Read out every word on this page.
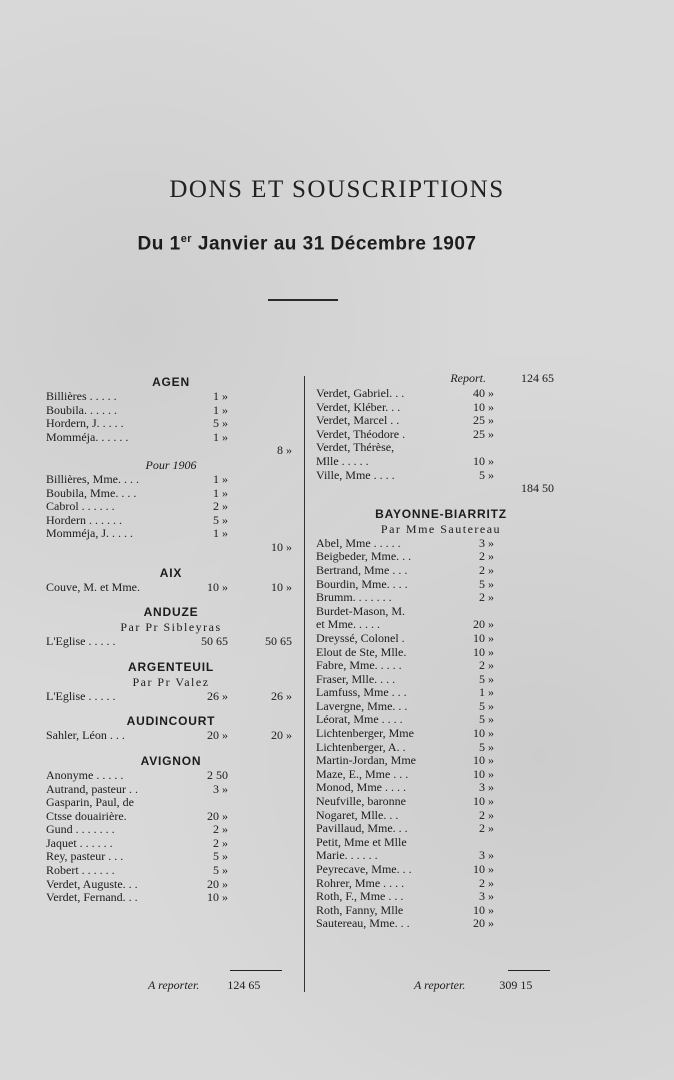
DONS ET SOUSCRIPTIONS
Du 1er Janvier au 31 Décembre 1907
AGEN
Billières . . . . .	1 »
Boubila. . . . . .	1 »
Hordern, J. . . . .	5 »
Momméja. . . . . .	1 »
8 »
Pour 1906
Billières, Mme. . . .	1 »
Boubila, Mme. . . .	1 »
Cabrol . . . . . .	2 »
Hordern . . . . . .	5 »
Momméja, J. . . . .	1 »
10 »
AIX
Couve, M. et Mme.	10 »	10 »
ANDUZE
Par Pr Sibleyras
L'Eglise . . . . .	50 65	50 65
ARGENTEUIL
Par Pr Valez
L'Eglise . . . . .	26 »	26 »
AUDINCOURT
Sahler, Léon . . .	20 »	20 »
AVIGNON
Anonyme . . . . .	2 50
Autrand, pasteur . .	3 »
Gasparin, Paul, de
Ctsse douairière.	20 »
Gund . . . . . . .	2 »
Jaquet . . . . . .	2 »
Rey, pasteur . . .	5 »
Robert . . . . . .	5 »
Verdet, Auguste. . .	20 »
Verdet, Fernand. . .	10 »
Report.	124 65
Verdet, Gabriel. . .	40 »
Verdet, Kléber. . .	10 »
Verdet, Marcel . .	25 »
Verdet, Théodore .	25 »
Verdet, Thérèse,
Mlle . . . . .	10 »
Ville, Mme . . . .	5 »
184 50
BAYONNE-BIARRITZ
Par Mme Sautereau
Abel, Mme . . . . .	3 »
Beigbeder, Mme. . .	2 »
Bertrand, Mme . . .	2 »
Bourdin, Mme. . . .	5 »
Brumm. . . . . . .	2 »
Burdet-Mason, M.
et Mme. . . . .	20 »
Dreyssé, Colonel .	10 »
Elout de Ste, Mlle.	10 »
Fabre, Mme. . . . .	2 »
Fraser, Mlle. . . .	5 »
Lamfuss, Mme . . .	1 »
Lavergne, Mme. . .	5 »
Léorat, Mme . . . .	5 »
Lichtenberger, Mme	10 »
Lichtenberger, A. .	5 »
Martin-Jordan, Mme	10 »
Maze, E., Mme . . .	10 »
Monod, Mme . . . .	3 »
Neufville, baronne	10 »
Nogaret, Mlle. . .	2 »
Pavillaud, Mme. . .	2 »
Petit, Mme et Mlle
Marie. . . . . .	3 »
Peyrecave, Mme. . .	10 »
Rohrer, Mme . . . .	2 »
Roth, F., Mme . . .	3 »
Roth, Fanny, Mlle	10 »
Sautereau, Mme. . .	20 »
A reporter. 124 65	A reporter.	309 15
